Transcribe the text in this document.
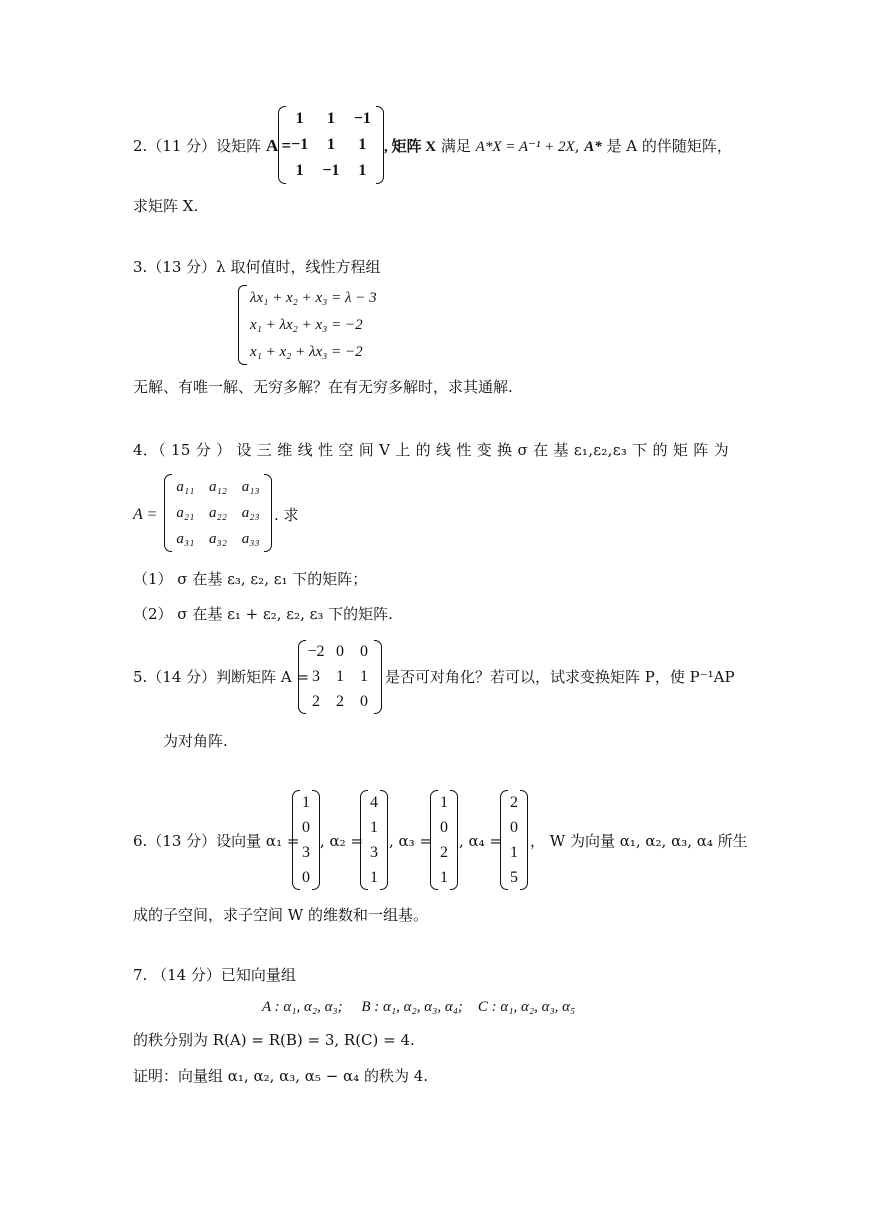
2.（11 分）设矩阵 A =
1 1 −1
−1 1 1
1 −1 1
, 矩阵 X 满足 A*X = A⁻¹ + 2X, A* 是 A 的伴随矩阵，
求矩阵 X.
3.（13 分）λ 取何值时，线性方程组
λx₁ + x₂ + x₃ = λ − 3
x₁ + λx₂ + x₃ = −2
x₁ + x₂ + λx₃ = −2
无解、有唯一解、无穷多解？在有无穷多解时，求其通解.
4．（ 15 分 ） 设 三 维 线 性 空 间 V 上 的 线 性 变 换 σ 在 基 ε₁,ε₂,ε₃ 下 的 矩 阵 为
A =
a₁₁ a₁₂ a₁₃
a₂₁ a₂₂ a₂₃
a₃₁ a₃₂ a₃₃
. 求
（1） σ 在基 ε₃, ε₂, ε₁ 下的矩阵；
（2） σ 在基 ε₁ + ε₂, ε₂, ε₃ 下的矩阵.
5.（14 分）判断矩阵 A =
−2 0 0
3 1 1
2 2 0
是否可对角化？若可以，试求变换矩阵 P，使 P⁻¹AP
为对角阵.
6.（13 分）设向量 α₁ =
1
0
3
0
, α₂ =
4
1
3
1
, α₃ =
1
0
2
1
, α₄ =
2
0
1
5
， W 为向量 α₁, α₂, α₃, α₄ 所生
成的子空间，求子空间 W 的维数和一组基。
7. （14 分）已知向量组
A : α₁, α₂, α₃;　 B : α₁, α₂, α₃, α₄;　C : α₁, α₂, α₃, α₅
的秩分别为 R(A) = R(B) = 3, R(C) = 4.
证明：向量组 α₁, α₂, α₃, α₅ − α₄ 的秩为 4.
